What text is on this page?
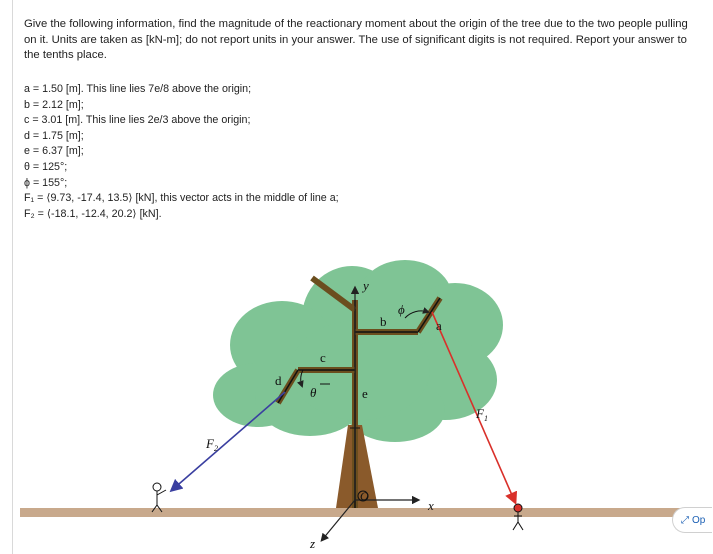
Give the following information, find the magnitude of the reactionary moment about the origin of the tree due to the two people pulling on it. Units are taken as [kN-m]; do not report units in your answer. The use of significant digits is not required. Report your answer to the tenths place.
a = 1.50 [m]. This line lies 7e/8 above the origin;
b = 2.12 [m];
c = 3.01 [m]. This line lies 2e/3 above the origin;
d = 1.75 [m];
e = 6.37 [m];
θ = 125°;
ϕ = 155°;
F₁ = ⟨9.73, -17.4, 13.5⟩ [kN], this vector acts in the middle of line a;
F₂ = ⟨-18.1, -12.4, 20.2⟩ [kN].
y
x
z
O
a
b
c
d
e
θ
ϕ
$F_1$
$F_2$
⤢ Op
